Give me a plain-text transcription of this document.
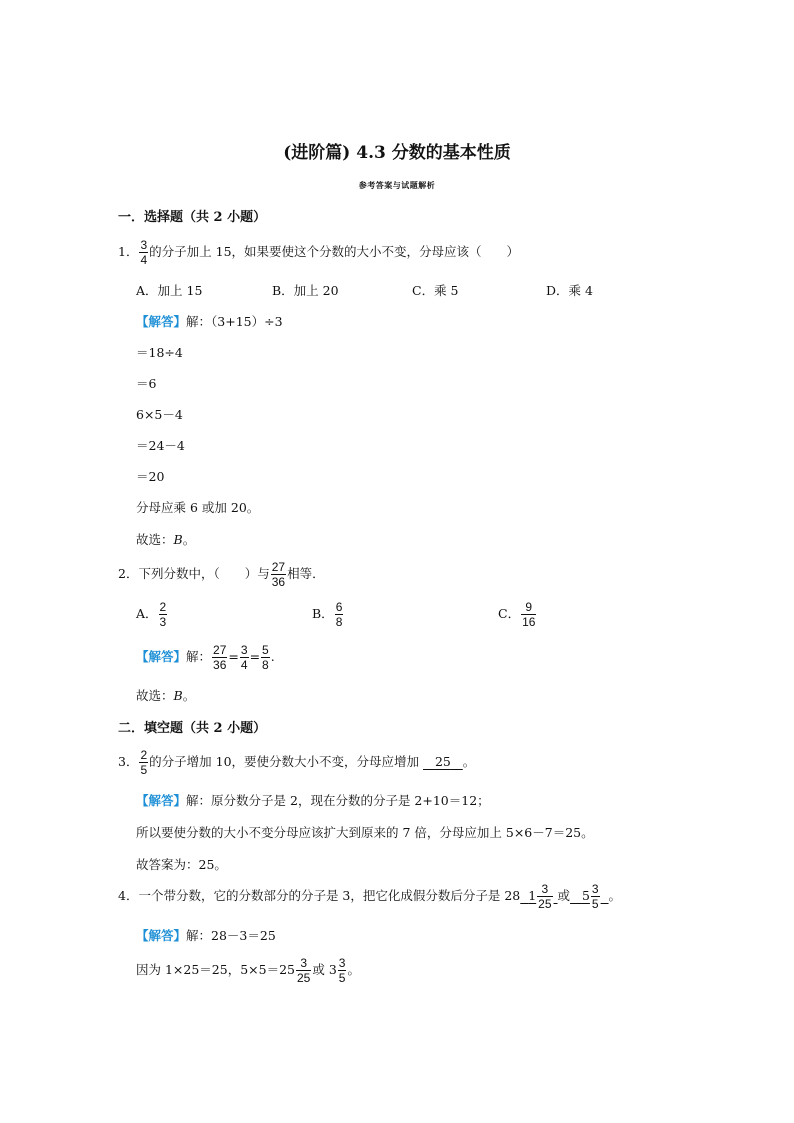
(进阶篇) 4.3 分数的基本性质
参考答案与试题解析
一．选择题（共 2 小题）
1． $\frac{3}{4}$ 的分子加上 15，如果要使这个分数的大小不变，分母应该（　　）
A．加上 15	B．加上 20	C．乘 5	D．乘 4
【解答】解：（3+15）÷3
＝18÷4
＝6
6×5－4
＝24－4
＝20
分母应乘 6 或加 20。
故选：B。
2．下列分数中，（　　）与 $\frac{27}{36}$ 相等．
A． $\frac{2}{3}$	B． $\frac{6}{8}$	C． $\frac{9}{16}$
【解答】解： $\frac{27}{36} = \frac{3}{4} = \frac{5}{8}$ .
故选：B。
二．填空题（共 2 小题）
3． $\frac{2}{5}$ 的分子增加 10，要使分数大小不变，分母应增加 25 。
【解答】解：原分数分子是 2，现在分数的分子是 2+10＝12；
所以要使分数的大小不变分母应该扩大到原来的 7 倍，分母应加上 5×6－7＝25。
故答案为：25。
4．一个带分数，它的分数部分的分子是 3，把它化成假分数后分子是 28 $1 \frac{3}{25}$ 或 $5 \frac{3}{5}$ 。
【解答】解：28－3＝25
因为 1×25＝25，$5\times 5=25 \frac{3}{25}$ 或 $3 \frac{3}{5}$ 。
